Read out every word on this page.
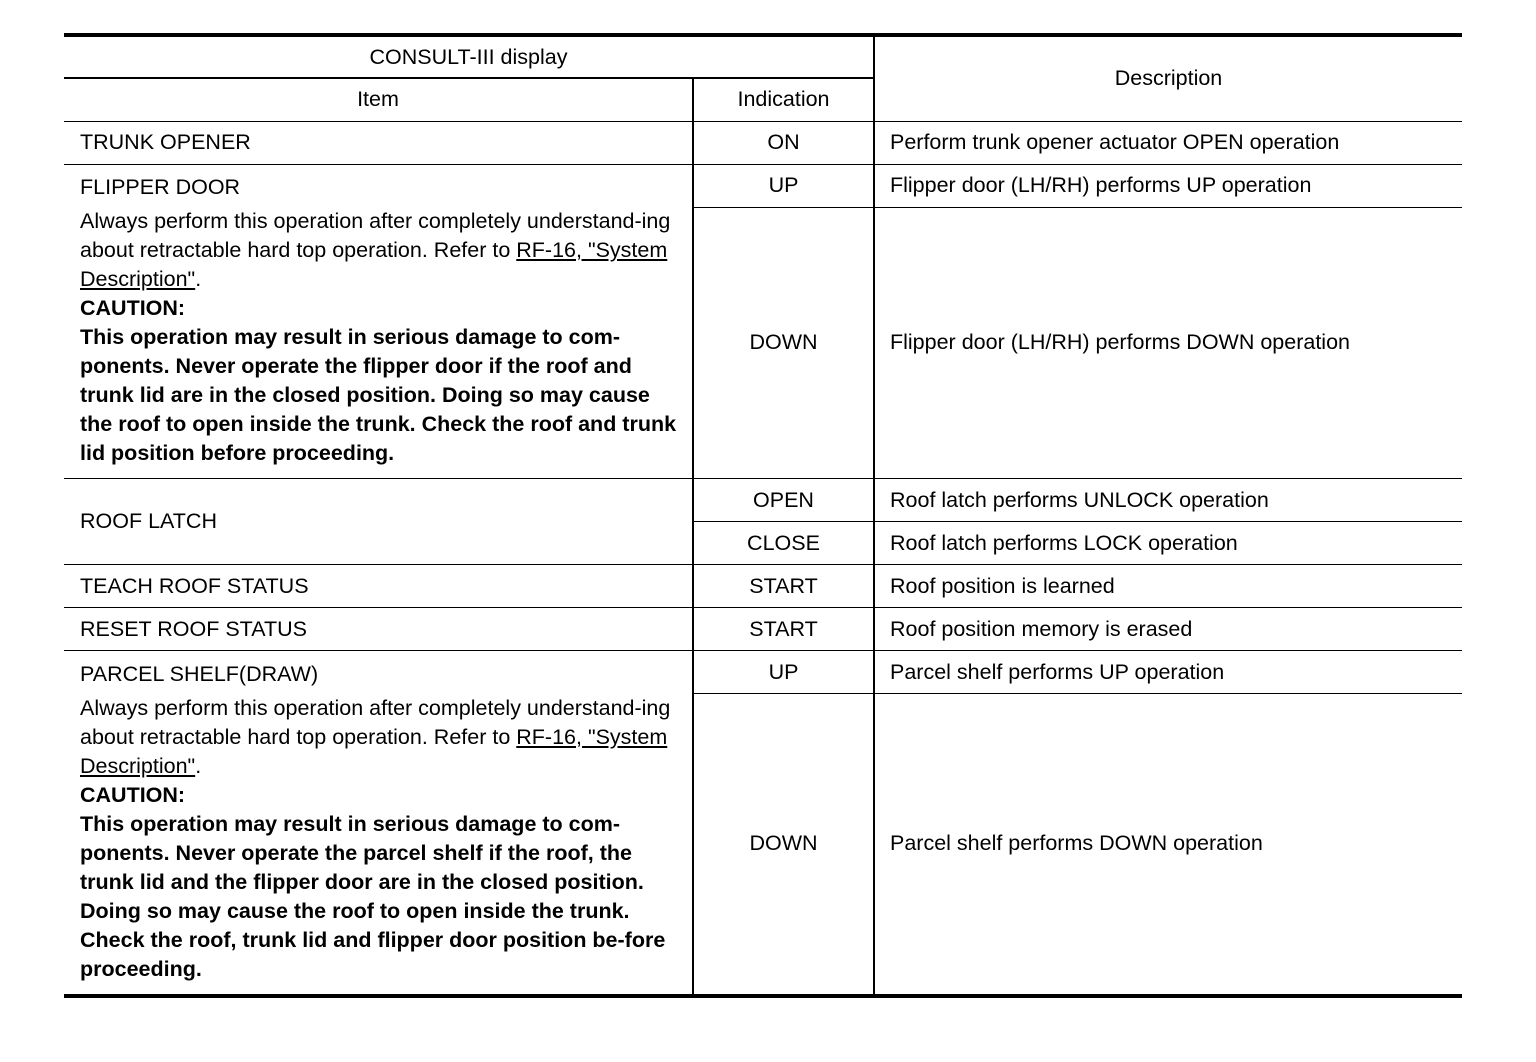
CONSULT-III display		Description
Item	Indication	
TRUNK OPENER	ON	Perform trunk opener actuator OPEN operation
FLIPPER DOOR	UP	Flipper door (LH/RH) performs UP operation

Always perform this operation after completely understand-ing about retractable hard top operation. Refer to RF-16, "System Description".

CAUTION:

This operation may result in serious damage to com-ponents. Never operate the flipper door if the roof and trunk lid are in the closed position. Doing so may cause the roof to open inside the trunk. Check the roof and trunk lid position before proceeding.	DOWN	Flipper door (LH/RH) performs DOWN operation
ROOF LATCH	OPEN	Roof latch performs UNLOCK operation
	CLOSE	Roof latch performs LOCK operation
TEACH ROOF STATUS	START	Roof position is learned
RESET ROOF STATUS	START	Roof position memory is erased
PARCEL SHELF(DRAW)	UP	Parcel shelf performs UP operation

Always perform this operation after completely understand-ing about retractable hard top operation. Refer to RF-16, "System Description".

CAUTION:

This operation may result in serious damage to com-ponents. Never operate the parcel shelf if the roof, the trunk lid and the flipper door are in the closed position. Doing so may cause the roof to open inside the trunk. Check the roof, trunk lid and flipper door position be-fore proceeding.	DOWN	Parcel shelf performs DOWN operation
